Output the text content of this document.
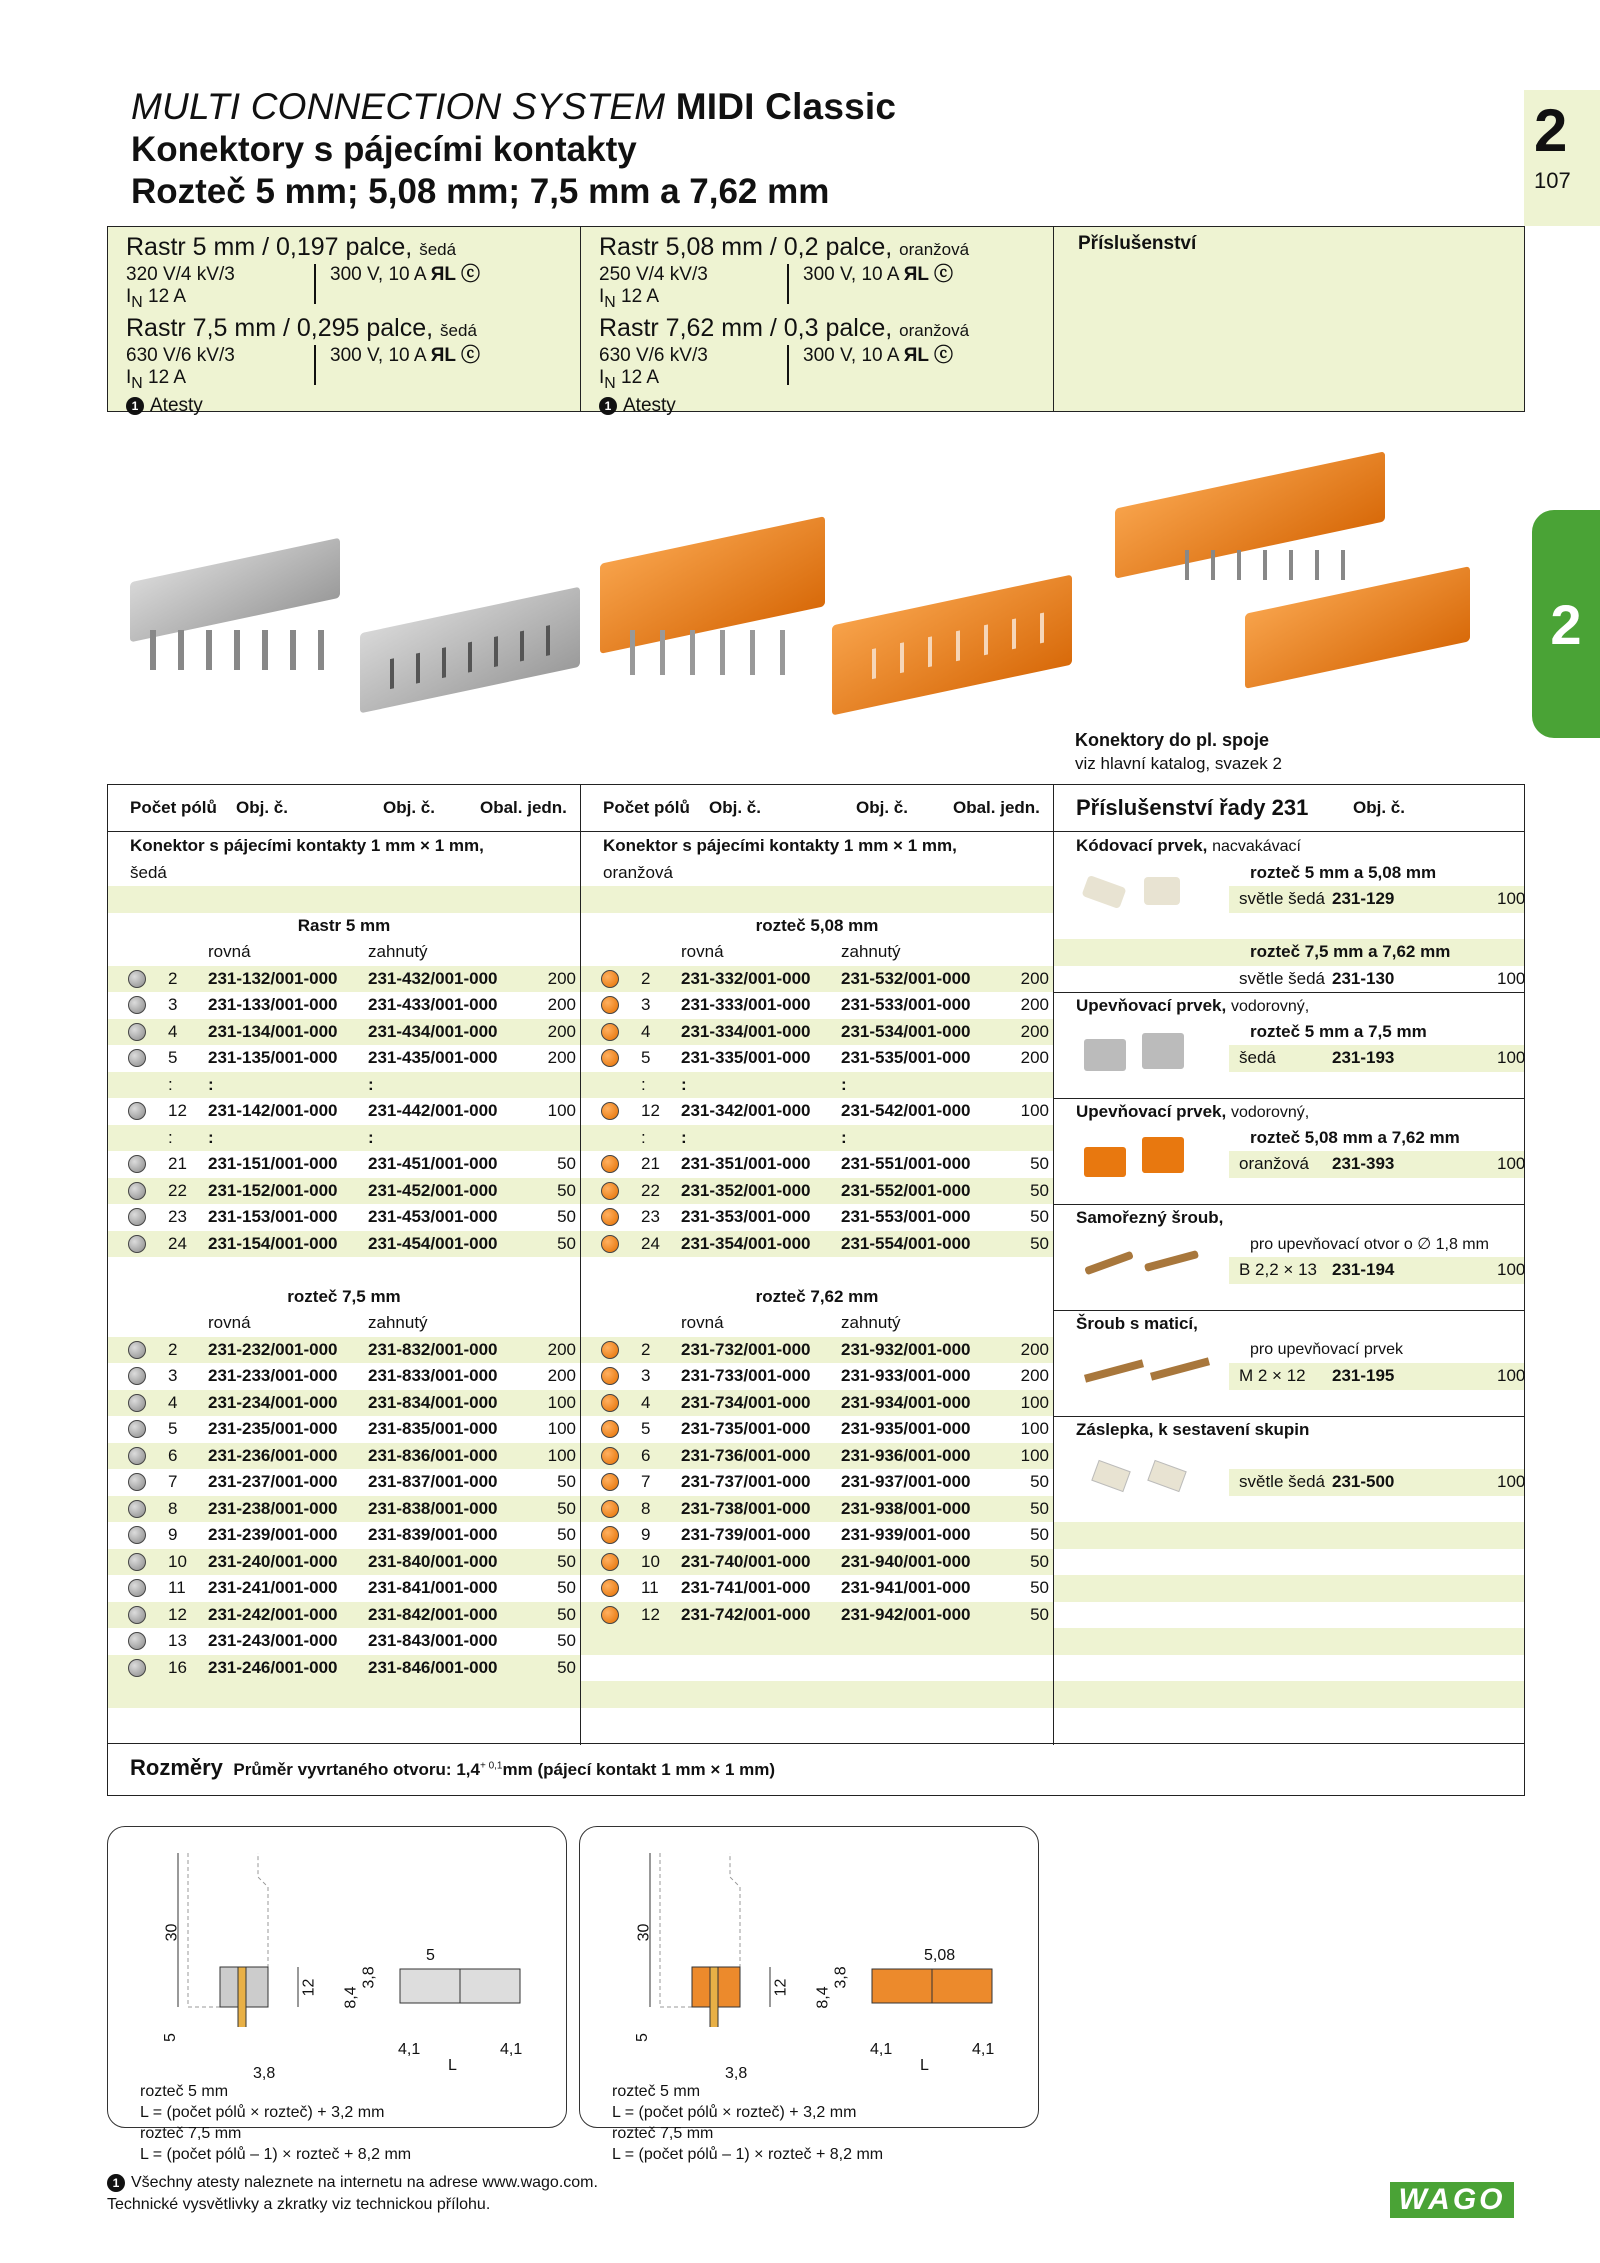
MULTI CONNECTION SYSTEM MIDI Classic
Konektory s pájecími kontakty
Rozteč 5 mm; 5,08 mm; 7,5 mm a 7,62 mm
2
107
2
Rastr 5 mm / 0,197 palce, šedá
320 V/4 kV/3
$I_N$ 12 A
300 V, 10 A ЯL ⓒ
Rastr 7,5 mm / 0,295 palce, šedá
630 V/6 kV/3
$I_N$ 12 A
300 V, 10 A ЯL ⓒ
1 Atesty
Rastr 5,08 mm / 0,2 palce, oranžová
250 V/4 kV/3
$I_N$ 12 A
300 V, 10 A ЯL ⓒ
Rastr 7,62 mm / 0,3 palce, oranžová
630 V/6 kV/3
$I_N$ 12 A
300 V, 10 A ЯL ⓒ
1 Atesty
Příslušenství
Konektory do pl. spoje
viz hlavní katalog, svazek 2
Počet pólů Obj. č.	Obj. č.	Obal. jedn. Počet pólů Obj. č.	Obj. č.	Obal. jedn. Příslušenství řady 231	Obj. č.
Konektor s pájecími kontakty 1 mm × 1 mm,
šedá
Rastr 5 mm
rovná	zahnutý
2 231-132/001-000 231-432/001-000	200
3 231-133/001-000 231-433/001-000	200
4 231-134/001-000 231-434/001-000	200
5 231-135/001-000 231-435/001-000	200
: :	:
12 231-142/001-000 231-442/001-000	100
: :	:
21 231-151/001-000 231-451/001-000	50
22 231-152/001-000 231-452/001-000	50
23 231-153/001-000 231-453/001-000	50
24 231-154/001-000 231-454/001-000	50
rozteč 7,5 mm
rovná	zahnutý
2 231-232/001-000 231-832/001-000	200
3 231-233/001-000 231-833/001-000	200
4 231-234/001-000 231-834/001-000	100
5 231-235/001-000 231-835/001-000	100
6 231-236/001-000 231-836/001-000	100
7 231-237/001-000 231-837/001-000	50
8 231-238/001-000 231-838/001-000	50
9 231-239/001-000 231-839/001-000	50
10 231-240/001-000 231-840/001-000	50
11 231-241/001-000 231-841/001-000	50
12 231-242/001-000 231-842/001-000	50
13 231-243/001-000 231-843/001-000	50
16 231-246/001-000 231-846/001-000	50
Konektor s pájecími kontakty 1 mm × 1 mm,
oranžová
rozteč 5,08 mm
rovná	zahnutý
2 231-332/001-000 231-532/001-000	200
3 231-333/001-000 231-533/001-000	200
4 231-334/001-000 231-534/001-000	200
5 231-335/001-000 231-535/001-000	200
: :	:
12 231-342/001-000 231-542/001-000	100
: :	:
21 231-351/001-000 231-551/001-000	50
22 231-352/001-000 231-552/001-000	50
23 231-353/001-000 231-553/001-000	50
24 231-354/001-000 231-554/001-000	50
rozteč 7,62 mm
rovná	zahnutý
2 231-732/001-000 231-932/001-000	200
3 231-733/001-000 231-933/001-000	200
4 231-734/001-000 231-934/001-000	100
5 231-735/001-000 231-935/001-000	100
6 231-736/001-000 231-936/001-000	100
7 231-737/001-000 231-937/001-000	50
8 231-738/001-000 231-938/001-000	50
9 231-739/001-000 231-939/001-000	50
10 231-740/001-000 231-940/001-000	50
11 231-741/001-000 231-941/001-000	50
12 231-742/001-000 231-942/001-000	50
Kódovací prvek, nacvakávací
rozteč 5 mm a 5,08 mm
světle šedá 231-129	100
rozteč 7,5 mm a 7,62 mm
světle šedá 231-130	100
Upevňovací prvek, vodorovný,
rozteč 5 mm a 7,5 mm
šedá	231-193	100
Upevňovací prvek, vodorovný,
rozteč 5,08 mm a 7,62 mm
oranžová 231-393	100
Samořezný šroub,
pro upevňovací otvor o ∅ 1,8 mm
B 2,2 × 13 231-194	100
Šroub s maticí,
pro upevňovací prvek
M 2 × 12 231-195	100
Záslepka, k sestavení skupin
světle šedá 231-500	100
Rozměry Průměr vyvrtaného otvoru: $1,4^{+ 0,1}mm$ (pájecí kontakt 1 mm × 1 mm)
30
5
12 8,4
3,8
5
4,1	4,1
L
3,8
rozteč 5 mm
L = (počet pólů × rozteč) + 3,2 mm
rozteč 7,5 mm
L = (počet pólů – 1) × rozteč + 8,2 mm
30
5
12 8,4
3,8
5,08
4,1	4,1
L
3,8
rozteč 5 mm
L = (počet pólů × rozteč) + 3,2 mm
rozteč 7,5 mm
L = (počet pólů – 1) × rozteč + 8,2 mm
1 Všechny atesty naleznete na internetu na adrese www.wago.com.
Technické vysvětlivky a zkratky viz technickou přílohu.	WAGO
